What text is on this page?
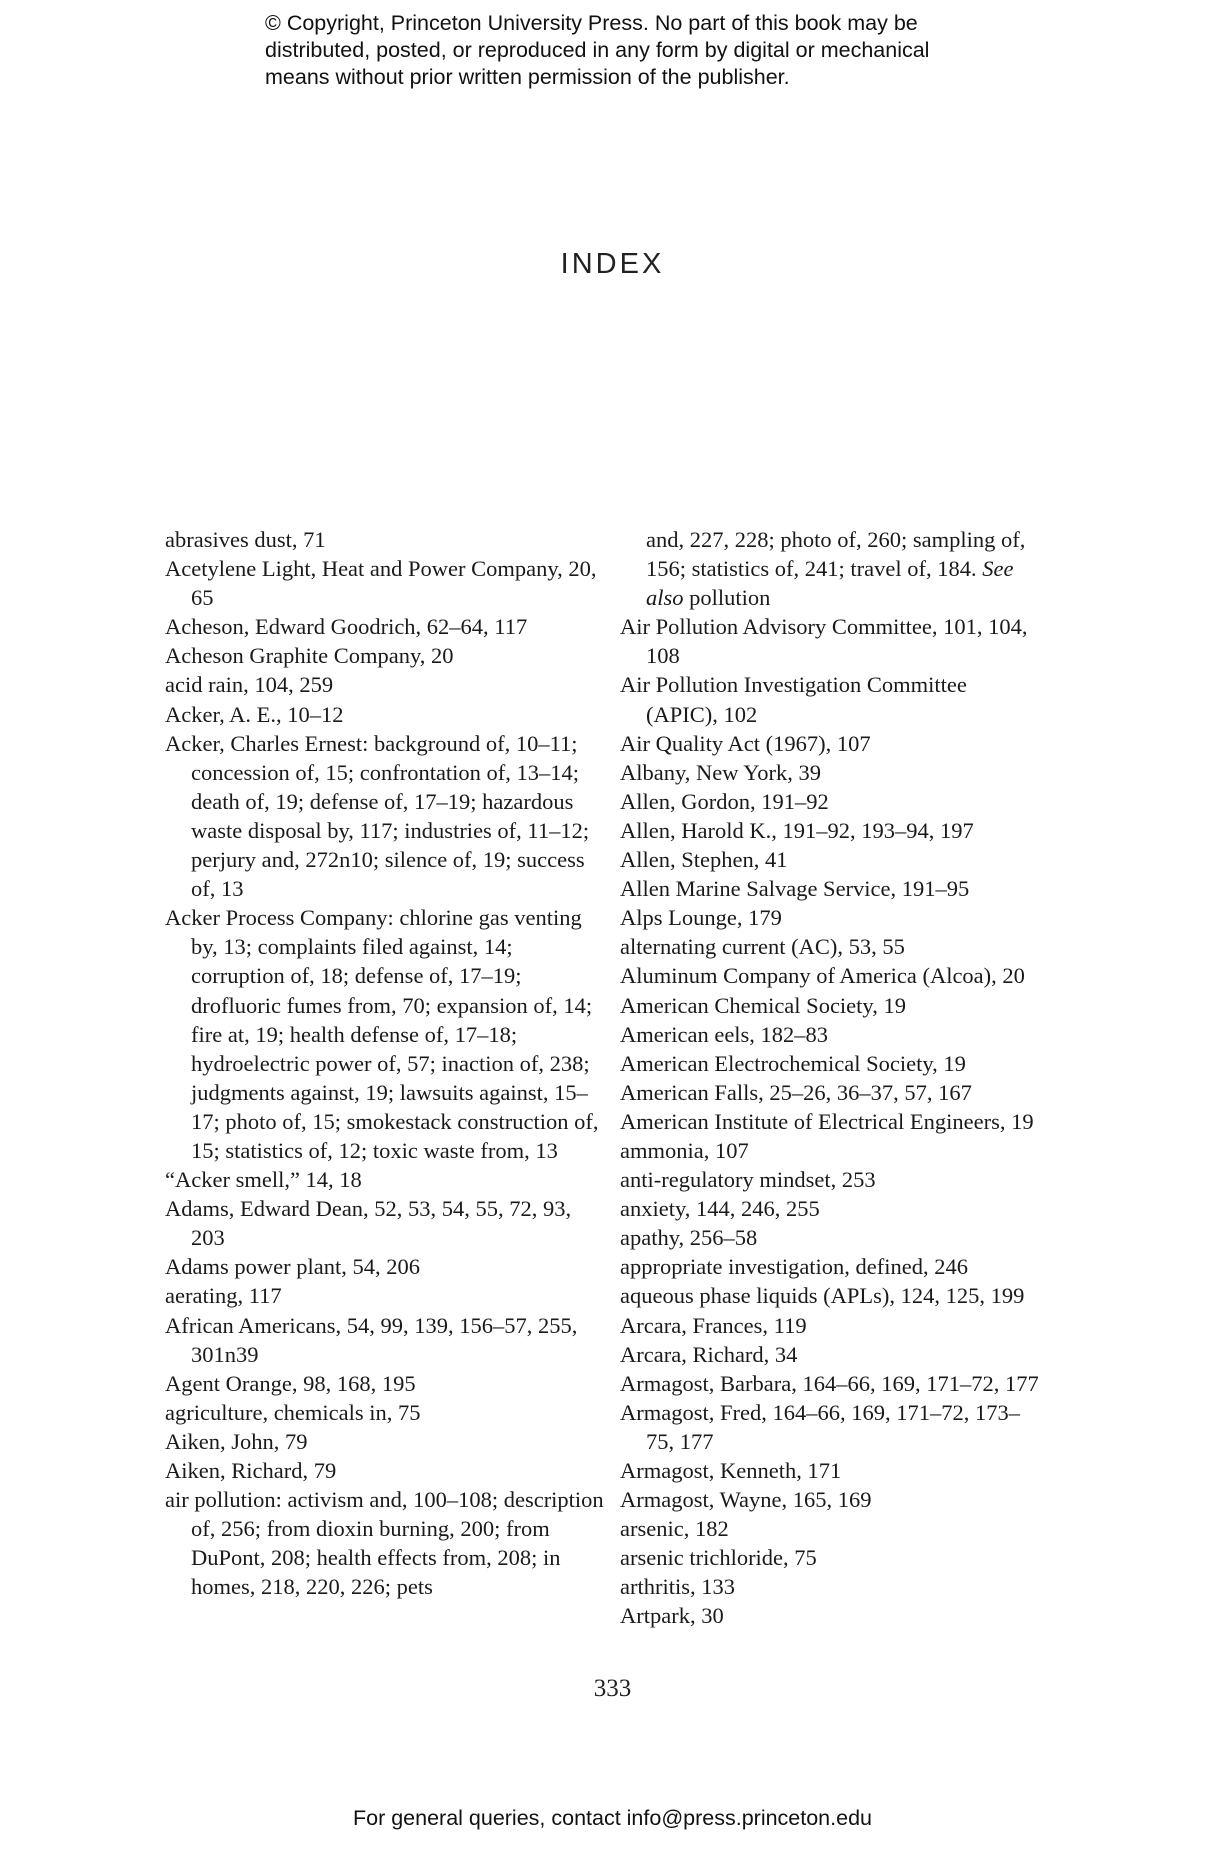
© Copyright, Princeton University Press. No part of this book may be distributed, posted, or reproduced in any form by digital or mechanical means without prior written permission of the publisher.
INDEX
abrasives dust, 71
Acetylene Light, Heat and Power Company, 20, 65
Acheson, Edward Goodrich, 62–64, 117
Acheson Graphite Company, 20
acid rain, 104, 259
Acker, A. E., 10–12
Acker, Charles Ernest: background of, 10–11; concession of, 15; confrontation of, 13–14; death of, 19; defense of, 17–19; hazardous waste disposal by, 117; industries of, 11–12; perjury and, 272n10; silence of, 19; success of, 13
Acker Process Company: chlorine gas venting by, 13; complaints filed against, 14; corruption of, 18; defense of, 17–19; drofluoric fumes from, 70; expansion of, 14; fire at, 19; health defense of, 17–18; hydroelectric power of, 57; inaction of, 238; judgments against, 19; lawsuits against, 15–17; photo of, 15; smokestack construction of, 15; statistics of, 12; toxic waste from, 13
“Acker smell,” 14, 18
Adams, Edward Dean, 52, 53, 54, 55, 72, 93, 203
Adams power plant, 54, 206
aerating, 117
African Americans, 54, 99, 139, 156–57, 255, 301n39
Agent Orange, 98, 168, 195
agriculture, chemicals in, 75
Aiken, John, 79
Aiken, Richard, 79
air pollution: activism and, 100–108; description of, 256; from dioxin burning, 200; from DuPont, 208; health effects from, 208; in homes, 218, 220, 226; pets
and, 227, 228; photo of, 260; sampling of, 156; statistics of, 241; travel of, 184. See also pollution
Air Pollution Advisory Committee, 101, 104, 108
Air Pollution Investigation Committee (APIC), 102
Air Quality Act (1967), 107
Albany, New York, 39
Allen, Gordon, 191–92
Allen, Harold K., 191–92, 193–94, 197
Allen, Stephen, 41
Allen Marine Salvage Service, 191–95
Alps Lounge, 179
alternating current (AC), 53, 55
Aluminum Company of America (Alcoa), 20
American Chemical Society, 19
American eels, 182–83
American Electrochemical Society, 19
American Falls, 25–26, 36–37, 57, 167
American Institute of Electrical Engineers, 19
ammonia, 107
anti-regulatory mindset, 253
anxiety, 144, 246, 255
apathy, 256–58
appropriate investigation, defined, 246
aqueous phase liquids (APLs), 124, 125, 199
Arcara, Frances, 119
Arcara, Richard, 34
Armagost, Barbara, 164–66, 169, 171–72, 177
Armagost, Fred, 164–66, 169, 171–72, 173–75, 177
Armagost, Kenneth, 171
Armagost, Wayne, 165, 169
arsenic, 182
arsenic trichloride, 75
arthritis, 133
Artpark, 30
333
For general queries, contact info@press.princeton.edu
